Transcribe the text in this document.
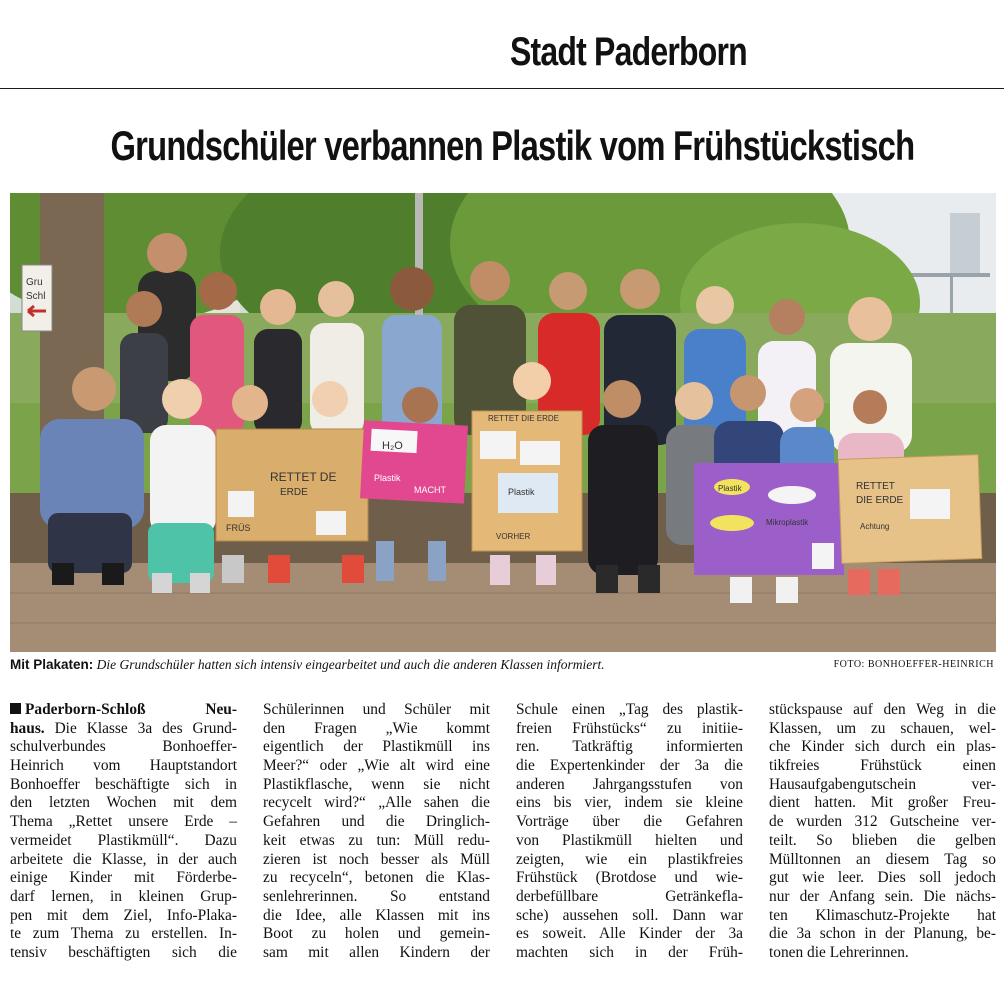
Stadt Paderborn
Grundschüler verbannen Plastik vom Frühstückstisch
Gru
Schl
RETTET DE
ERDE
FRÜS
H₂O
Plastik
MACHT
RETTET DIE ERDE
Plastik
VORHER
Plastik
Mikroplastik
RETTET
DIE ERDE
Achtung
Mit Plakaten: Die Grundschüler hatten sich intensiv eingearbeitet und auch die anderen Klassen informiert.	FOTO: BONHOEFFER-HEINRICH
Paderborn-Schloß Neu-
haus. Die Klasse 3a des Grund-
schulverbundes Bonhoeffer-
Heinrich vom Hauptstandort
Bonhoeffer beschäftigte sich in
den letzten Wochen mit dem
Thema „Rettet unsere Erde –
vermeidet Plastikmüll“. Dazu
arbeitete die Klasse, in der auch
einige Kinder mit Förderbe-
darf lernen, in kleinen Grup-
pen mit dem Ziel, Info-Plaka-
te zum Thema zu erstellen. In-
tensiv beschäftigten sich die
Schülerinnen und Schüler mit
den Fragen „Wie kommt
eigentlich der Plastikmüll ins
Meer?“ oder „Wie alt wird eine
Plastikflasche, wenn sie nicht
recycelt wird?“ „Alle sahen die
Gefahren und die Dringlich-
keit etwas zu tun: Müll redu-
zieren ist noch besser als Müll
zu recyceln“, betonen die Klas-
senlehrerinnen. So entstand
die Idee, alle Klassen mit ins
Boot zu holen und gemein-
sam mit allen Kindern der
Schule einen „Tag des plastik-
freien Frühstücks“ zu initiie-
ren. Tatkräftig informierten
die Expertenkinder der 3a die
anderen Jahrgangsstufen von
eins bis vier, indem sie kleine
Vorträge über die Gefahren
von Plastikmüll hielten und
zeigten, wie ein plastikfreies
Frühstück (Brotdose und wie-
derbefüllbare Getränkefla-
sche) aussehen soll. Dann war
es soweit. Alle Kinder der 3a
machten sich in der Früh-
stückspause auf den Weg in die
Klassen, um zu schauen, wel-
che Kinder sich durch ein plas-
tikfreies Frühstück einen
Hausaufgabengutschein ver-
dient hatten. Mit großer Freu-
de wurden 312 Gutscheine ver-
teilt. So blieben die gelben
Mülltonnen an diesem Tag so
gut wie leer. Dies soll jedoch
nur der Anfang sein. Die nächs-
ten Klimaschutz-Projekte hat
die 3a schon in der Planung, be-
tonen die Lehrerinnen.
